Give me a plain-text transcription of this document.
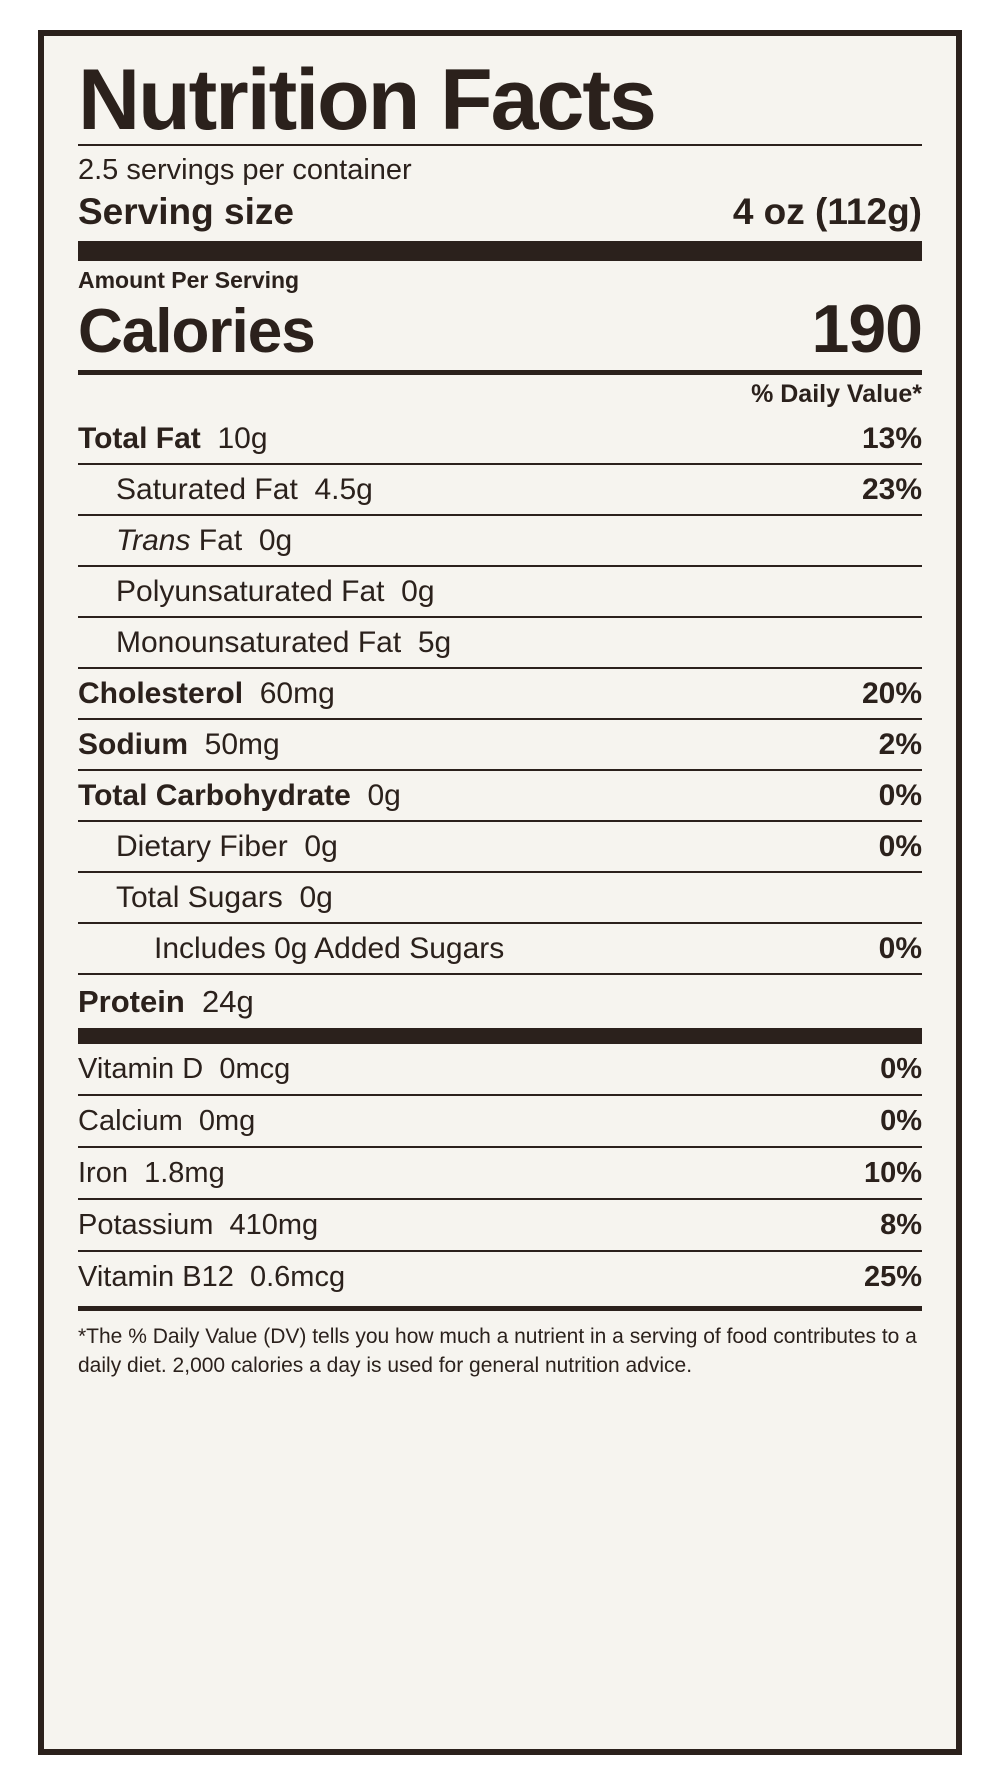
Nutrition Facts
2.5 servings per container
Serving size	4 oz (112g)
Amount Per Serving
Calories	190
% Daily Value*
Total Fat 10g	13%
Saturated Fat 4.5g	23%
Trans Fat  0g
Polyunsaturated Fat 0g
Monounsaturated Fat 5g
Cholesterol 60mg	20%
Sodium 50mg	2%
Total Carbohydrate 0g	0%
Dietary Fiber 0g	0%
Total Sugars 0g
Includes 0g Added Sugars	0%
Protein 24g
Vitamin D 0mcg	0%
Calcium 0mg	0%
Iron 1.8mg	10%
Potassium 410mg	8%
Vitamin B12 0.6mcg	25%
*The % Daily Value (DV) tells you how much a nutrient in a serving of food contributes to a daily diet. 2,000 calories a day is used for general nutrition advice.
